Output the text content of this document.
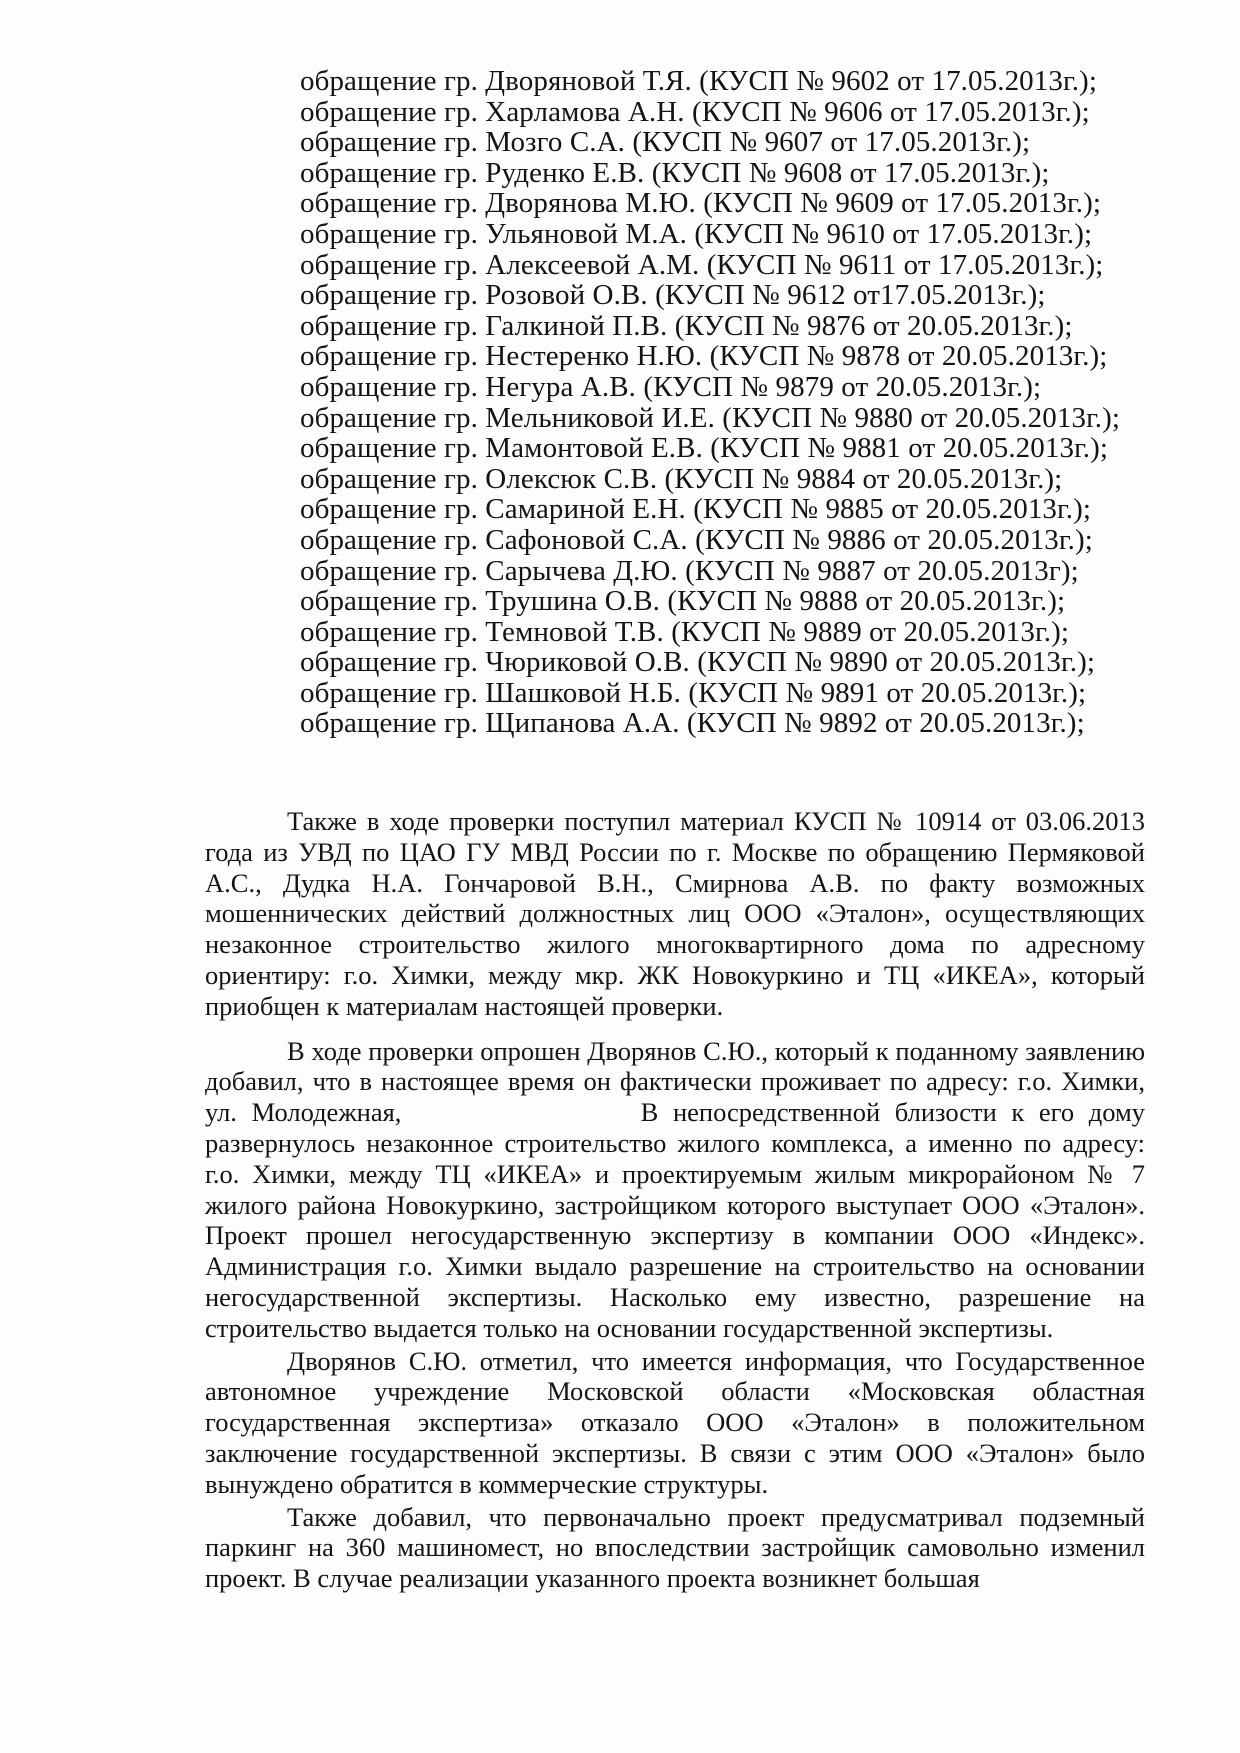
обращение гр. Дворяновой Т.Я. (КУСП № 9602 от 17.05.2013г.);
обращение гр. Харламова А.Н. (КУСП № 9606 от 17.05.2013г.);
обращение гр. Мозго С.А. (КУСП № 9607 от 17.05.2013г.);
обращение гр. Руденко Е.В. (КУСП № 9608 от 17.05.2013г.);
обращение гр. Дворянова М.Ю. (КУСП № 9609 от 17.05.2013г.);
обращение гр. Ульяновой М.А. (КУСП № 9610 от 17.05.2013г.);
обращение гр. Алексеевой А.М. (КУСП № 9611 от 17.05.2013г.);
обращение гр. Розовой О.В. (КУСП № 9612 от17.05.2013г.);
обращение гр. Галкиной П.В. (КУСП № 9876 от 20.05.2013г.);
обращение гр. Нестеренко Н.Ю. (КУСП № 9878 от 20.05.2013г.);
обращение гр. Негура А.В. (КУСП № 9879 от 20.05.2013г.);
обращение гр. Мельниковой И.Е. (КУСП № 9880 от 20.05.2013г.);
обращение гр. Мамонтовой Е.В. (КУСП № 9881 от 20.05.2013г.);
обращение гр. Олексюк С.В. (КУСП № 9884 от 20.05.2013г.);
обращение гр. Самариной Е.Н. (КУСП № 9885 от 20.05.2013г.);
обращение гр. Сафоновой С.А. (КУСП № 9886 от 20.05.2013г.);
обращение гр. Сарычева Д.Ю. (КУСП № 9887 от 20.05.2013г);
обращение гр. Трушина О.В. (КУСП № 9888 от 20.05.2013г.);
обращение гр. Темновой Т.В. (КУСП № 9889 от 20.05.2013г.);
обращение гр. Чюриковой О.В. (КУСП № 9890 от 20.05.2013г.);
обращение гр. Шашковой Н.Б. (КУСП № 9891 от 20.05.2013г.);
обращение гр. Щипанова А.А. (КУСП № 9892 от 20.05.2013г.);

Также в ходе проверки поступил материал КУСП № 10914 от 03.06.2013 года из УВД по ЦАО ГУ МВД России по г. Москве по обращению Пермяковой А.С., Дудка Н.А. Гончаровой В.Н., Смирнова А.В. по факту возможных мошеннических действий должностных лиц ООО «Эталон», осуществляющих незаконное строительство жилого многоквартирного дома по адресному ориентиру: г.о. Химки, между мкр. ЖК Новокуркино и ТЦ «ИКЕА», который приобщен к материалам настоящей проверки.

В ходе проверки опрошен Дворянов С.Ю., который к поданному заявлению добавил, что в настоящее время он фактически проживает по адресу: г.о. Химки, ул. Молодежная,	В непосредственной близости к его дому развернулось незаконное строительство жилого комплекса, а именно по адресу: г.о. Химки, между ТЦ «ИКЕА» и проектируемым жилым микрорайоном № 7 жилого района Новокуркино, застройщиком которого выступает ООО «Эталон». Проект прошел негосударственную экспертизу в компании ООО «Индекс». Администрация г.о. Химки выдало разрешение на строительство на основании негосударственной экспертизы. Насколько ему известно, разрешение на строительство выдается только на основании государственной экспертизы.

Дворянов С.Ю. отметил, что имеется информация, что Государственное автономное учреждение Московской области «Московская областная государственная экспертиза» отказало ООО «Эталон» в положительном заключение государственной экспертизы. В связи с этим ООО «Эталон» было вынуждено обратится в коммерческие структуры.

Также добавил, что первоначально проект предусматривал подземный паркинг на 360 машиномест, но впоследствии застройщик самовольно изменил проект. В случае реализации указанного проекта возникнет большая
